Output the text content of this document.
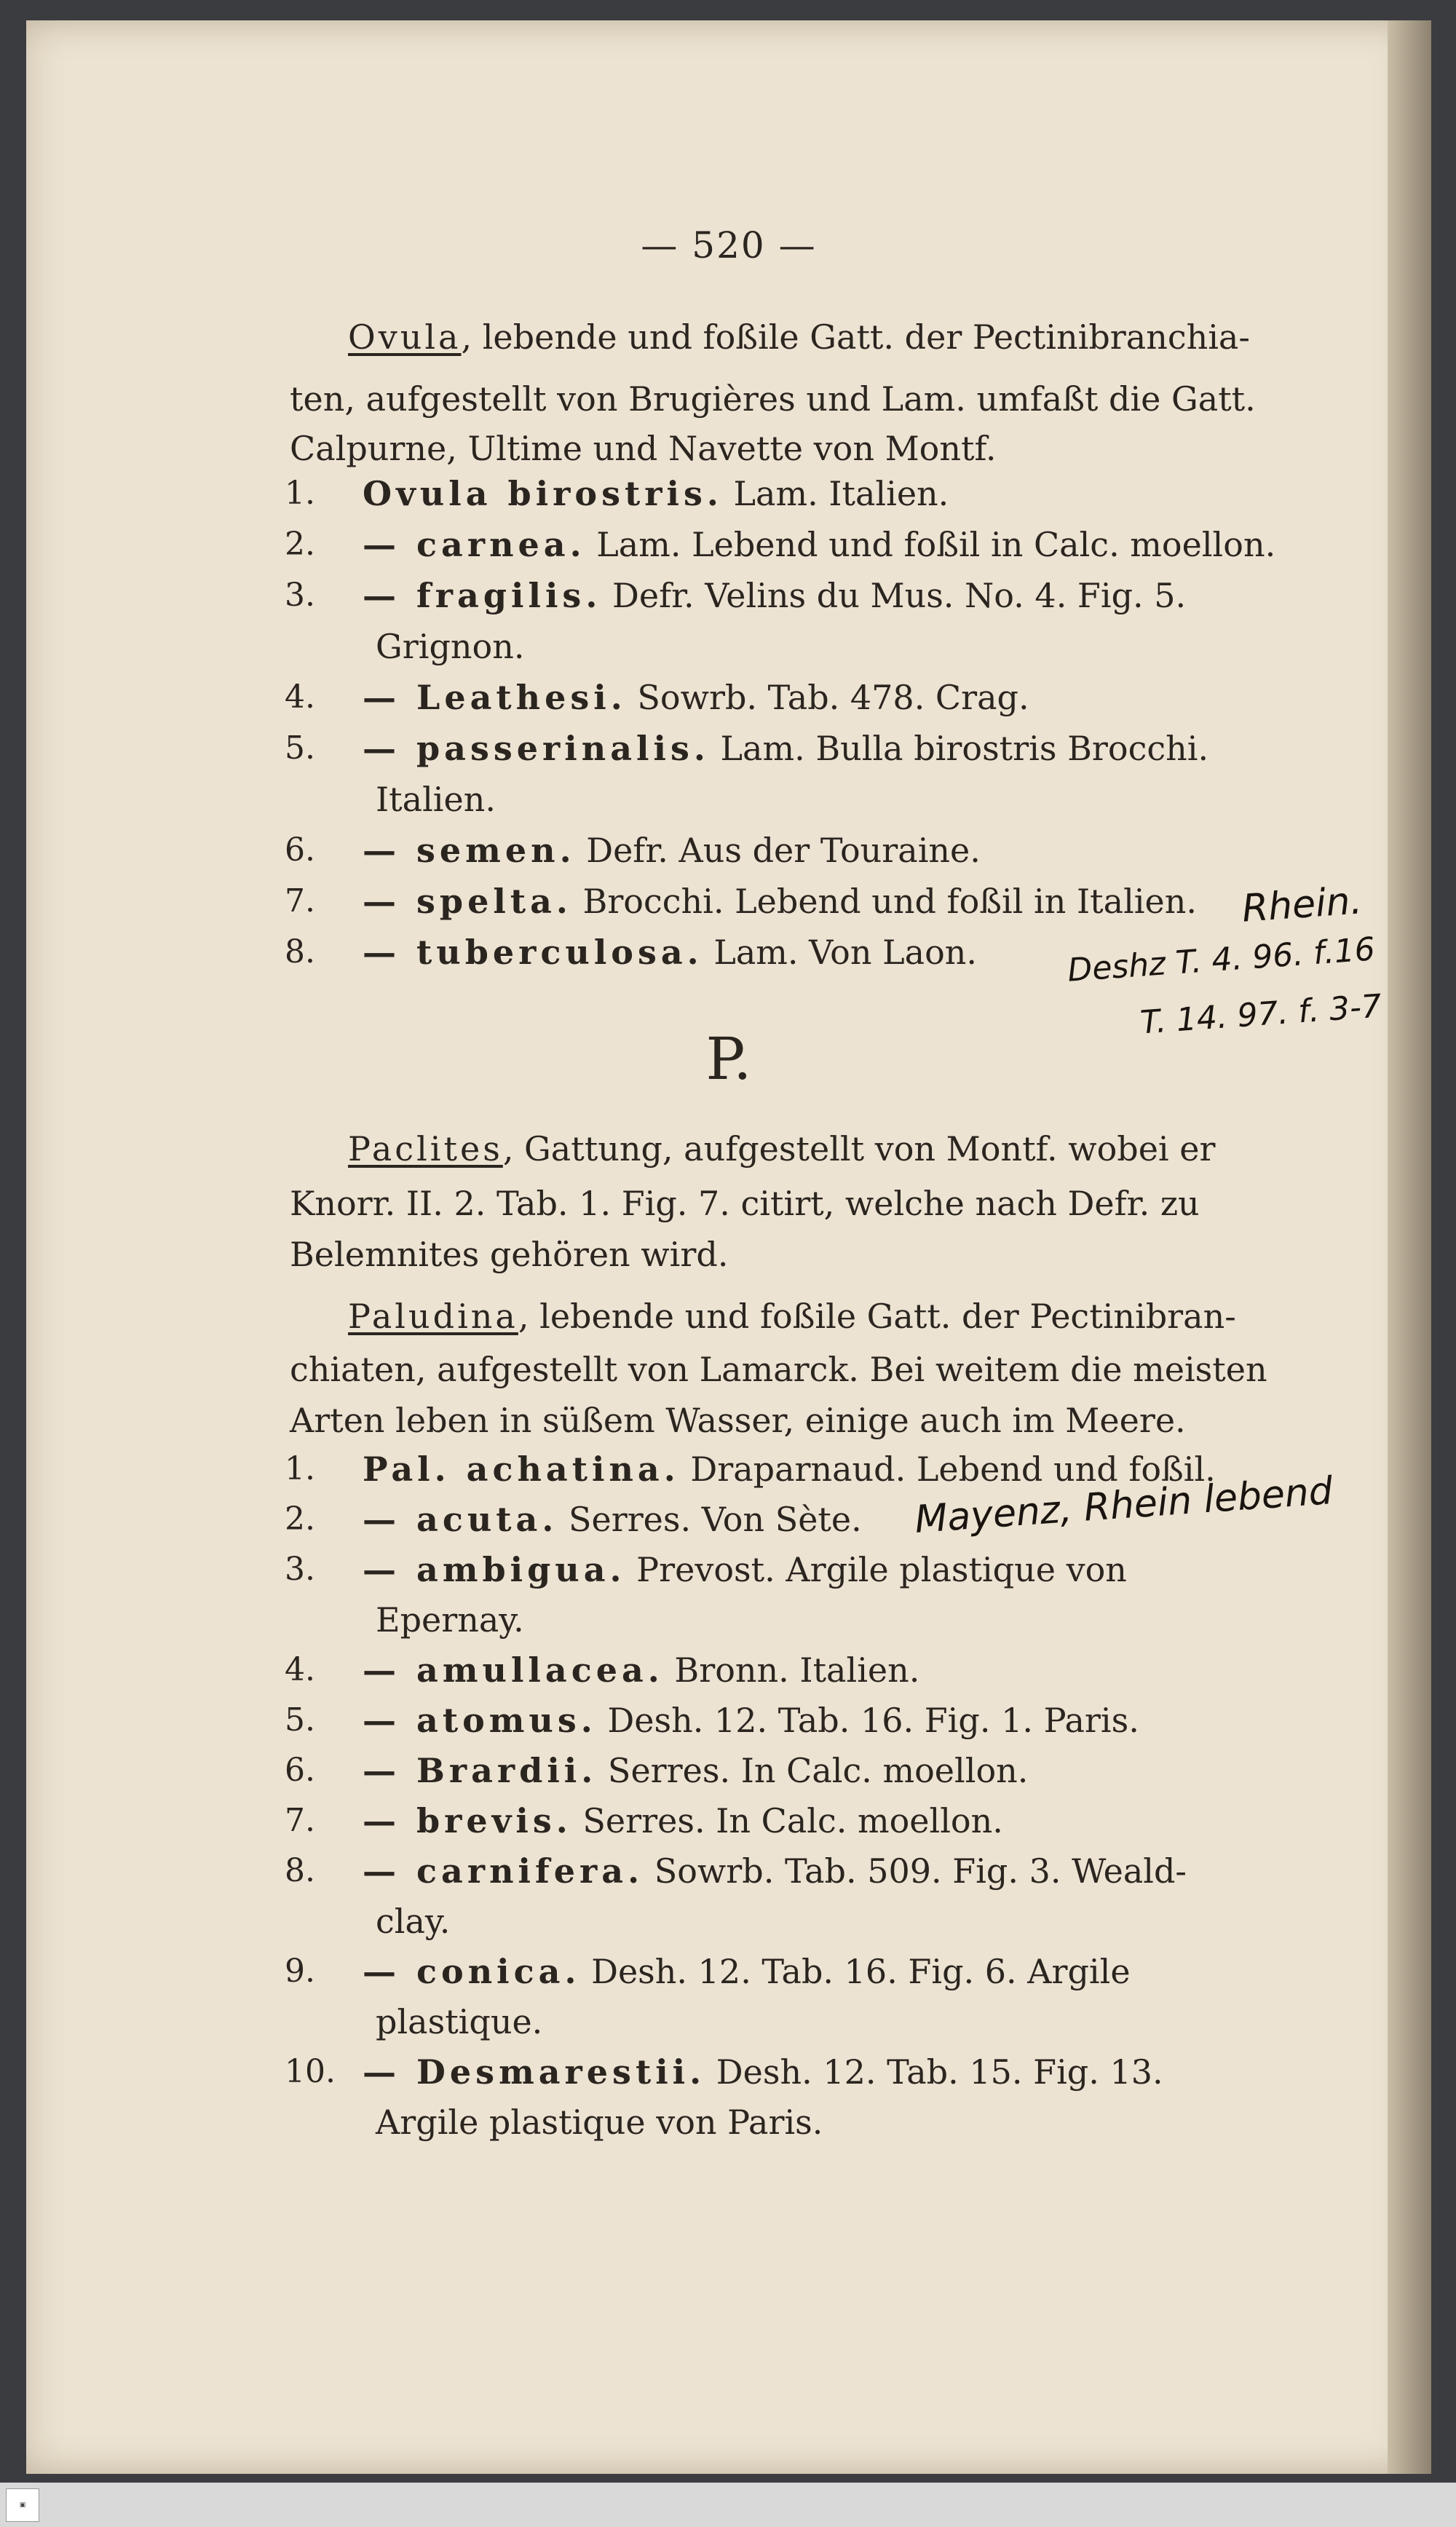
— 520 —
Ovula, lebende und foßile Gatt. der Pectinibranchia-
ten, aufgestellt von Brugières und Lam. umfaßt die Gatt.
Calpurne, Ultime und Navette von Montf.
1. Ovula birostris. Lam. Italien.
2. — carnea. Lam. Lebend und foßil in Calc. moellon.
3. — fragilis. Defr. Velins du Mus. No. 4. Fig. 5.
Grignon.
4. — Leathesi. Sowrb. Tab. 478. Crag.
5. — passerinalis. Lam. Bulla birostris Brocchi.
Italien.
6. — semen. Defr. Aus der Touraine.
7. — spelta. Brocchi. Lebend und foßil in Italien.
8. — tuberculosa. Lam. Von Laon.
P.
Paclites, Gattung, aufgestellt von Montf. wobei er
Knorr. II. 2. Tab. 1. Fig. 7. citirt, welche nach Defr. zu
Belemnites gehören wird.
Paludina, lebende und foßile Gatt. der Pectinibran-
chiaten, aufgestellt von Lamarck. Bei weitem die meisten
Arten leben in süßem Wasser, einige auch im Meere.
1. Pal. achatina. Draparnaud. Lebend und foßil.
2. — acuta. Serres. Von Sète.
3. — ambigua. Prevost. Argile plastique von
Epernay.
4. — amullacea. Bronn. Italien.
5. — atomus. Desh. 12. Tab. 16. Fig. 1. Paris.
6. — Brardii. Serres. In Calc. moellon.
7. — brevis. Serres. In Calc. moellon.
8. — carnifera. Sowrb. Tab. 509. Fig. 3. Weald-
clay.
9. — conica. Desh. 12. Tab. 16. Fig. 6. Argile
plastique.
10. — Desmarestii. Desh. 12. Tab. 15. Fig. 13.
Argile plastique von Paris.
Rhein.
Deshz T. 4. 96. f.16
T. 14. 97. f. 3-7
Mayenz, Rhein lebend
▣
